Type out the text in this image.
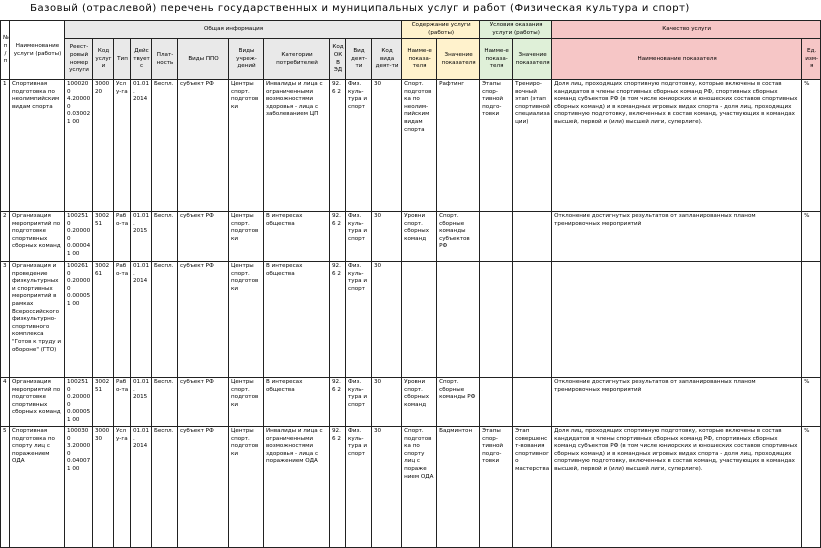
Базовый (отраслевой) перечень государственных и муниципальных услуг и работ (Физическая культура и спорт)
№ п/п	Наименование услуги (работы)	Общая информация											Содержание услуги (работы)		Условия оказания услуги (работы)		Качество услуги	
		Реест-ровый номер услуги	Код услуги	Тип	Дейс твует с	Плат-ность	Виды ППО	Виды учреж-дений	Категории потребителей	Код ОКВ ЭД	Вид деят-ти	Код вида деят-ти	Наиме-е показа-теля	Значение показателя	Наиме-е показа-теля	Значение показателя	Наименование показателя	Ед. изм-я
1	Спортивная подготовка по неолимпийским видам спорта	1000200 4.200000 0.030021 00	300020	Услу-га	01.01. 2014	Беспл.	субъект РФ	Центры спорт. подготов ки	Инвалиды и лица с ограниченными возможностями здоровья - лица с заболеванием ЦП	92.6 2	Физ. куль-тура и спорт	30	Спорт. подготов ка по неолим-пийским видам спорта	Рафтинг	Этапы спор-тивной подго-товки	Тренирo-вочный этап (этап спортивной специализа ции)	Доля лиц, проходящих спортивную подготовку, которые включены в состав кандидатов в члены спортивных сборных команд РФ, спортивных сборных команд субъектов РФ (в том числе юниорских и юношеских составов спортивных сборных команд) и в командных игровых видах спорта - доля лиц, проходящих спортивную подготовку, включенных в состав команд, участвующих в командах высшей, первой и (или) высшей лиги, суперлиге).	%
2	Организация мероприятий по подготовке спортивных сборных команд	1002510 0.200000 0.000041 00	300251	Рабо-та	01.01. 2015	Беспл.	субъект РФ	Центры спорт. подготов ки	В интересах общества	92.6 2	Физ. куль-тура и спорт	30	Уровни спорт. сборных команд	Спорт. сборные команды субъектов РФ			Отклонение достигнутых результатов от запланированных планом тренировочных мероприятий	%
3	Организация и проведение физкультурных и спортивных мероприятий в рамках Всероссийского физкультурно-спортивного комплекса "Готов к труду и обороне" (ГТО)	1002610 0.200000 0.000051 00	300261	Рабо-та	01.01. 2014	Беспл.	субъект РФ	Центры спорт. подготов ки	В интересах общества	92.6 2	Физ. куль-тура и спорт	30						
4	Организация мероприятий по подготовке спортивных сборных команд	1002510 0.200000 0.000051 00	300251	Рабо-та	01.01. 2015	Беспл.	субъект РФ	Центры спорт. подготов ки	В интересах общества	92.6 2	Физ. куль-тура и спорт	30	Уровни спорт. сборных команд	Спорт. сборные команды РФ			Отклонение достигнутых результатов от запланированных планом тренировочных мероприятий	%
5	Спортивная подготовка по спорту лиц с поражением ОДА	1000300 3.200000 0.040071 00	300030	Услу-га	01.01. 2014	Беспл.	субъект РФ	Центры спорт. подготов ки	Инвалиды и лица с ограниченными возможностями здоровья - лица с поражением ОДА	92.6 2	Физ. куль-тура и спорт	30	Спорт. подготов ка по спорту лиц с пораже нием ОДА	Бадминтон	Этапы спор-тивной подго-товки	Этап совершенст-вования спортивного мастерства	Доля лиц, проходящих спортивную подготовку, которые включены в состав кандидатов в члены спортивных сборных команд РФ, спортивных сборных команд субъектов РФ (в том числе юниорских и юношеских составов спортивных сборных команд) и в командных игровых видах спорта - доля лиц, проходящих спортивную подготовку, включенных в состав команд, участвующих в командах высшей, первой и (или) высшей лиги, суперлиге).	%
